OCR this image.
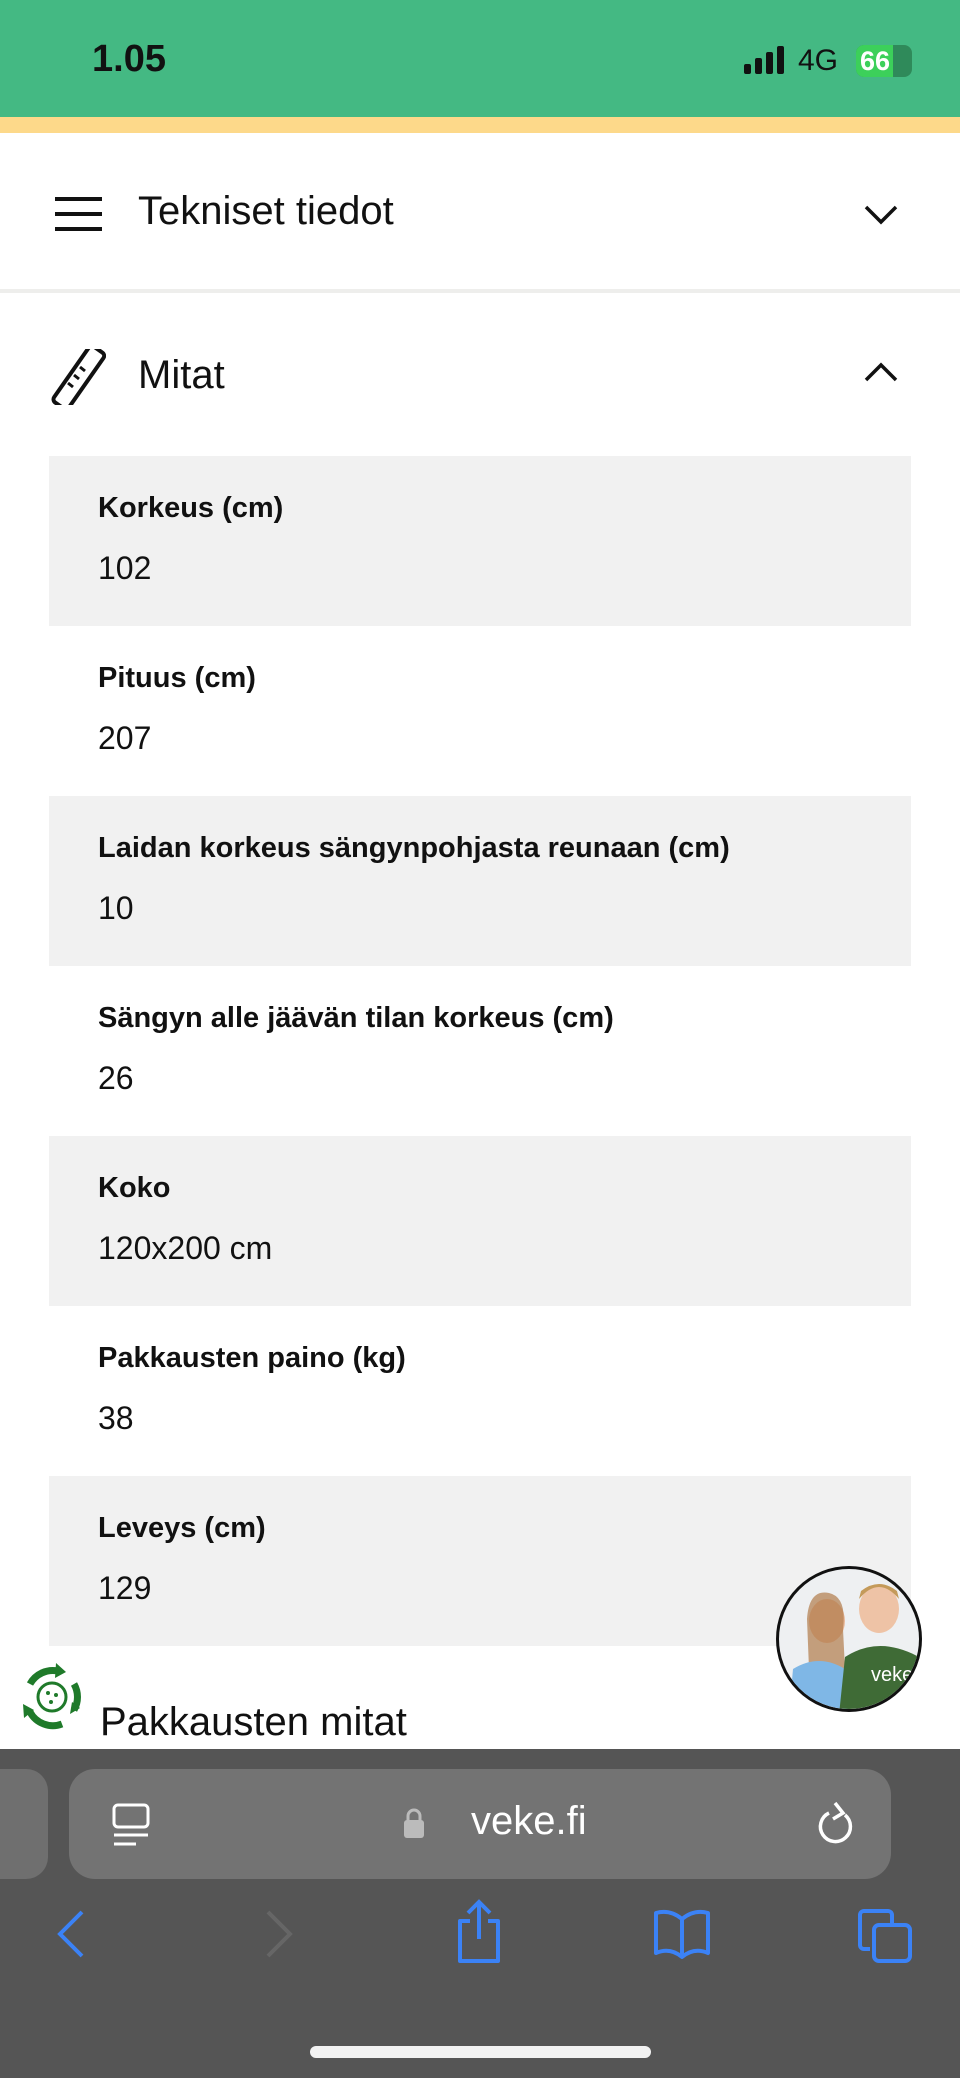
1.05	4G 66
Tekniset tiedot
Mitat
Korkeus (cm)
102
Pituus (cm)
207
Laidan korkeus sängynpohjasta reunaan (cm)
10
Sängyn alle jäävän tilan korkeus (cm)
26
Koko
120x200 cm
Pakkausten paino (kg)
38
Leveys (cm)
129
Pakkausten mitat
veke
veke.fi
